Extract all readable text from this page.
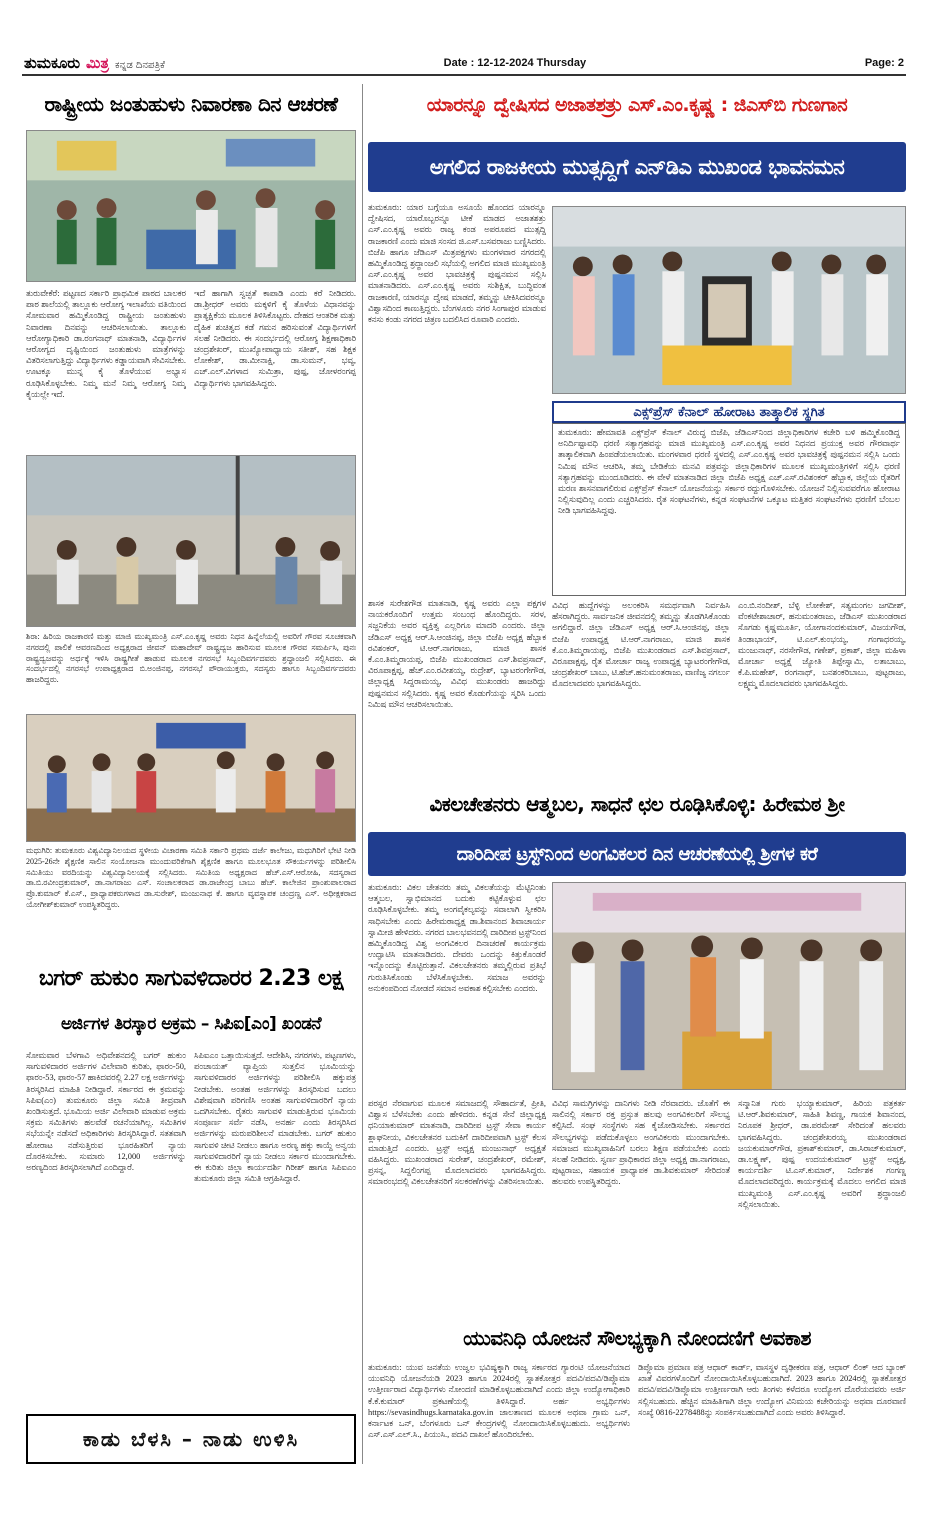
ತುಮಕೂರು ಮಿತ್ರ ಕನ್ನಡ ದಿನಪತ್ರಿಕೆ	Date : 12-12-2024 Thursday	Page: 2
ರಾಷ್ಟ್ರೀಯ ಜಂತುಹುಳು ನಿವಾರಣಾ ದಿನ ಆಚರಣೆ
ತುರುವೇಕೆರೆ: ಪಟ್ಟಣದ ಸರ್ಕಾರಿ ಪ್ರಾಥಮಿಕ ಪಾಠದ ಬಾಲಕರ ಪಾಠ ಶಾಲೆಯಲ್ಲಿ ತಾಲ್ಲೂಕು ಆರೋಗ್ಯ ಇಲಾಖೆಯ ವತಿಯಿಂದ ಸೋಮವಾರ ಹಮ್ಮಿಕೊಂಡಿದ್ದ ರಾಷ್ಟ್ರೀಯ ಜಂತುಹುಳು ನಿವಾರಣಾ ದಿನವನ್ನು ಆಚರಿಸಲಾಯಿತು. ತಾಲ್ಲೂಕು ಆರೋಗ್ಯಾಧಿಕಾರಿ ಡಾ.ರಂಗನಾಥ್ ಮಾತನಾಡಿ, ವಿದ್ಯಾರ್ಥಿಗಳ ಆರೋಗ್ಯದ ದೃಷ್ಟಿಯಿಂದ ಜಂತುಹುಳು ಮಾತ್ರೆಗಳನ್ನು ವಿತರಿಸಲಾಗುತ್ತಿದ್ದು ವಿದ್ಯಾರ್ಥಿಗಳು ಕಡ್ಡಾಯವಾಗಿ ಸೇವಿಸಬೇಕು. ಊಟಕ್ಕೂ ಮುನ್ನ ಕೈ ತೊಳೆಯುವ ಅಭ್ಯಾಸ ರೂಢಿಸಿಕೊಳ್ಳಬೇಕು. ನಿಮ್ಮ ಮನೆ ನಿಮ್ಮ ಆರೋಗ್ಯ ನಿಮ್ಮ ಕೈಯಲ್ಲೇ ಇದೆ.
ಇದೆ ಹಾಗಾಗಿ ಸ್ವಚ್ಛತೆ ಕಾಪಾಡಿ ಎಂದು ಕರೆ ನೀಡಿದರು. ಡಾ.ಶ್ರೀಧರ್ ಅವರು ಮಕ್ಕಳಿಗೆ ಕೈ ತೊಳೆಯ ವಿಧಾನವನ್ನು ಪ್ರಾತ್ಯಕ್ಷಿಕೆಯ ಮೂಲಕ ತಿಳಿಸಿಕೊಟ್ಟರು. ದೇಹದ ಆಂತರಿಕ ಮತ್ತು ದೈಹಿಕ ಶುಚಿತ್ವದ ಕಡೆ ಗಮನ ಹರಿಸುವಂತೆ ವಿದ್ಯಾರ್ಥಿಗಳಿಗೆ ಸಲಹೆ ನೀಡಿದರು. ಈ ಸಂದರ್ಭದಲ್ಲಿ ಆರೋಗ್ಯ ಶಿಕ್ಷಣಾಧಿಕಾರಿ ಚಂದ್ರಶೇಖರ್, ಮುಖ್ಯೋಪಾಧ್ಯಾಯ ಸತೀಶ್, ಸಹ ಶಿಕ್ಷಕ ಲೋಕೇಶ್, ಡಾ.ಮೀನಾಕ್ಷಿ, ಡಾ.ಸುಮನ್, ಭವ್ಯ, ಎಚ್.ಎಲ್.ವಿಗಳಾದ ಸುಮಿತ್ರಾ, ಪುಷ್ಪ, ಜೋಳರಂಗಪ್ಪ ವಿದ್ಯಾರ್ಥಿಗಳು ಭಾಗವಹಿಸಿದ್ದರು.
ಶಿರಾ: ಹಿರಿಯ ರಾಜಕಾರಣಿ ಮತ್ತು ಮಾಜಿ ಮುಖ್ಯಮಂತ್ರಿ ಎಸ್.ಎಂ.ಕೃಷ್ಣ ಅವರು ನಿಧನ ಹಿನ್ನೆಲೆಯಲ್ಲಿ ಅವರಿಗೆ ಗೌರವ ಸೂಚಕವಾಗಿ ನಗರದಲ್ಲಿ ಪಾಲಿಕೆ ಆವರಣದಿಂದ ಅಧ್ಯಕ್ಷರಾದ ಜೀವನ್ ಮಹಾದೇವ್ ರಾಷ್ಟ್ರದ್ವಜ ಹಾರಿಸುವ ಮೂಲಕ ಗೌರವ ಸಮರ್ಪಿಸಿ, ಪುನಃ ರಾಷ್ಟ್ರದ್ವಜವನ್ನು ಅರ್ಧಕ್ಕೆ ಇಳಿಸಿ ರಾಷ್ಟ್ರಗೀತೆ ಹಾಡುವ ಮೂಲಕ ನಗರಸಭೆ ಸಿಬ್ಬಂದಿವರ್ಗದವರು ಶ್ರದ್ಧಾಂಜಲಿ ಸಲ್ಲಿಸಿದರು. ಈ ಸಂದರ್ಭದಲ್ಲಿ ನಗರಸಭೆ ಉಪಾಧ್ಯಕ್ಷರಾದ ಬಿ.ಅಂಜಿನಪ್ಪ, ನಗರಸಭೆ ಪೌರಾಯುಕ್ತರು, ಸದಸ್ಯರು ಹಾಗೂ ಸಿಬ್ಬಂದಿವರ್ಗದವರು ಹಾಜರಿದ್ದರು.
ಮಧುಗಿರಿ: ತುಮಕೂರು ವಿಶ್ವವಿದ್ಯಾನಿಲಯದ ಸ್ಥಳೀಯ ವಿಚಾರಣಾ ಸಮಿತಿ ಸರ್ಕಾರಿ ಪ್ರಥಮ ದರ್ಜೆ ಕಾಲೇಜು, ಮಧುಗಿರಿಗೆ ಭೇಟಿ ನೀಡಿ 2025-26ನೇ ಶೈಕ್ಷಣಿಕ ಸಾಲಿನ ಸಂಯೋಜನಾ ಮುಂದುವರಿಕೆಗಾಗಿ ಶೈಕ್ಷಣಿಕ ಹಾಗೂ ಮೂಲಭೂತ ಸೌಕರ್ಯಗಳನ್ನು ಪರಿಶೀಲಿಸಿ ಸಮಿತಿಯು ವರದಿಯನ್ನು ವಿಶ್ವವಿದ್ಯಾನಿಲಯಕ್ಕೆ ಸಲ್ಲಿಸಿದರು. ಸಮಿತಿಯ ಅಧ್ಯಕ್ಷರಾದ ಹೆಚ್.ಎಸ್.ಆರೋಹಿ, ಸದಸ್ಯರಾದ ಡಾ.ಬಿ.ರವೀಂದ್ರಕುಮಾರ್, ಡಾ.ನಾಗರಾಜು ಎಸ್. ಸಂಚಾಲಕರಾದ ಡಾ.ರಾಜೇಂದ್ರ ಬಾಬು ಹೆಚ್. ಕಾಲೇಜಿನ ಪ್ರಾಂಶುಪಾಲರಾದ ಪ್ರೊ.ಕುಮಾರ್ ಕೆ.ಎಸ್., ಪ್ರಾಧ್ಯಾಪಕರುಗಳಾದ ಡಾ.ಸುರೇಶ್, ಮಂಜುನಾಥ ಕೆ. ಹಾಗೂ ವ್ಯವಸ್ಥಾಪಕ ಚಂದ್ರಣ್ಣ ಎಸ್. ಅಧೀಕ್ಷಕರಾದ ಯೋಗೀಶ್‌ಕುಮಾರ್ ಉಪಸ್ಥಿತರಿದ್ದರು.
ಬಗರ್ ಹುಕುಂ ಸಾಗುವಳಿದಾರರ 2.23 ಲಕ್ಷ
ಅರ್ಜಿಗಳ ತಿರಸ್ಕಾರ ಅಕ್ರಮ – ಸಿಪಿಐ[ಎಂ] ಖಂಡನೆ
ಸೋಮವಾರ ಬೆಳಗಾವಿ ಅಧಿವೇಶನದಲ್ಲಿ ಬಗರ್ ಹುಕುಂ ಸಾಗುವಳಿದಾರರ ಅರ್ಜಿಗಳ ವಿಲೇವಾರಿ ಕುರಿತು, ಫಾರಂ-50, ಫಾರಂ-53, ಫಾರಂ-57 ಹಾಕಿದವರಲ್ಲಿ 2.27 ಲಕ್ಷ ಅರ್ಜಿಗಳನ್ನು ತಿರಸ್ಕರಿಸಿದ ಮಾಹಿತಿ ನೀಡಿದ್ದಾರೆ. ಸರ್ಕಾರದ ಈ ಕ್ರಮವನ್ನು ಸಿಪಿಐ(ಎಂ) ತುಮಕೂರು ಜಿಲ್ಲಾ ಸಮಿತಿ ತೀವ್ರವಾಗಿ ಖಂಡಿಸುತ್ತದೆ. ಭೂಮಿಯ ಅರ್ಜಿ ವಿಲೇವಾರಿ ಮಾಡುವ ಅಕ್ರಮ ಸಕ್ರಮ ಸಮಿತಿಗಳು ಹಲವೆಡೆ ರಚನೆಯಾಗಿಲ್ಲ. ಸಮಿತಿಗಳ ಸಭೆಯನ್ನೇ ನಡೆಸದೆ ಅಧಿಕಾರಿಗಳು ತಿರಸ್ಕರಿಸಿದ್ದಾರೆ. ಸತತವಾಗಿ ಹೋರಾಟ ನಡೆಸುತ್ತಿರುವ ಭೂರಹಿತರಿಗೆ ನ್ಯಾಯ ದೊರಕಿಸಬೇಕು. ಸುಮಾರು 12,000 ಅರ್ಜಿಗಳನ್ನು ಅರಣ್ಯದಿಂದ ತಿರಸ್ಕರಿಸಲಾಗಿದೆ ಎಂದಿದ್ದಾರೆ.
ಸಿಪಿಐಎಂ ಒತ್ತಾಯಿಸುತ್ತದೆ. ಆದೇಶಿಸಿ, ನಗರಗಳು, ಪಟ್ಟಣಗಳು, ಪಂಚಾಯತ್ ವ್ಯಾಪ್ತಿಯ ಸುತ್ತಲಿನ ಭೂಮಿಯನ್ನು ಸಾಗುವಳಿದಾರರ ಅರ್ಜಿಗಳನ್ನು ಪರಿಶೀಲಿಸಿ ಹಕ್ಕುಪತ್ರ ನೀಡಬೇಕು. ಅಂತಹ ಅರ್ಜಿಗಳನ್ನು ತಿರಸ್ಕರಿಸುವ ಬದಲು ವಿಶೇಷವಾಗಿ ಪರಿಗಣಿಸಿ ಅಂತಹ ಸಾಗುವಳಿದಾರರಿಗೆ ನ್ಯಾಯ ಒದಗಿಸಬೇಕು. ರೈತರು ಸಾಗುವಳಿ ಮಾಡುತ್ತಿರುವ ಭೂಮಿಯ ಸಂಪೂರ್ಣ ಸರ್ವೆ ನಡೆಸಿ, ಅನರ್ಹ ಎಂದು ತಿರಸ್ಕರಿಸಿದ ಅರ್ಜಿಗಳನ್ನು ಮರುಪರಿಶೀಲನೆ ಮಾಡಬೇಕು. ಬಗರ್ ಹುಕುಂ ಸಾಗುವಳಿ ಚೀಟಿ ನೀಡಲು ಹಾಗೂ ಅರಣ್ಯ ಹಕ್ಕು ಕಾಯ್ದೆ ಅನ್ವಯ ಸಾಗುವಳಿದಾರರಿಗೆ ನ್ಯಾಯ ನೀಡಲು ಸರ್ಕಾರ ಮುಂದಾಗಬೇಕು. ಈ ಕುರಿತು ಜಿಲ್ಲಾ ಕಾರ್ಯದರ್ಶಿ ಗಿರೀಶ್ ಹಾಗೂ ಸಿಪಿಐಎಂ ತುಮಕೂರು ಜಿಲ್ಲಾ ಸಮಿತಿ ಆಗ್ರಹಿಸಿದ್ದಾರೆ.
ಕಾಡು ಬೆಳಸಿ – ನಾಡು ಉಳಿಸಿ
ಯಾರನ್ನೂ ದ್ವೇಷಿಸದ ಅಜಾತಶತ್ರು ಎಸ್.ಎಂ.ಕೃಷ್ಣ : ಜಿಎಸ್‌ಬಿ ಗುಣಗಾನ
ಅಗಲಿದ ರಾಜಕೀಯ ಮುತ್ಸದ್ದಿಗೆ ಎನ್‌ಡಿಎ ಮುಖಂಡ ಭಾವನಮನ
ತುಮಕೂರು: ಯಾರ ಬಗ್ಗೆಯೂ ಅಸೂಯೆ ಹೊಂದದ ಯಾರನ್ನೂ ದ್ವೇಷಿಸದ, ಯಾರೊಬ್ಬರನ್ನೂ ಟೀಕೆ ಮಾಡದ ಅಜಾತಶತ್ರು ಎಸ್.ಎಂ.ಕೃಷ್ಣ ಅವರು ರಾಜ್ಯ ಕಂಡ ಅಪರೂಪದ ಮುತ್ಸದ್ದಿ ರಾಜಕಾರಣಿ ಎಂದು ಮಾಜಿ ಸಂಸದ ಜಿ.ಎಸ್.ಬಸವರಾಜು ಬಣ್ಣಿಸಿದರು. ಬಿಜೆಪಿ ಹಾಗೂ ಜೆಡಿಎಸ್ ಮಿತ್ರಪಕ್ಷಗಳು ಮಂಗಳವಾರ ನಗರದಲ್ಲಿ ಹಮ್ಮಿಕೊಂಡಿದ್ದ ಶ್ರದ್ಧಾಂಜಲಿ ಸಭೆಯಲ್ಲಿ ಅಗಲಿದ ಮಾಜಿ ಮುಖ್ಯಮಂತ್ರಿ ಎಸ್.ಎಂ.ಕೃಷ್ಣ ಅವರ ಭಾವಚಿತ್ರಕ್ಕೆ ಪುಷ್ಪನಮನ ಸಲ್ಲಿಸಿ ಮಾತನಾಡಿದರು. ಎಸ್.ಎಂ.ಕೃಷ್ಣ ಅವರು ಸುಶಿಕ್ಷಿತ, ಬುದ್ಧಿವಂತ ರಾಜಕಾರಣಿ, ಯಾರನ್ನೂ ದ್ವೇಷ ಮಾಡದೆ, ತಮ್ಮನ್ನು ಟೀಕಿಸಿದವರನ್ನೂ ವಿಶ್ವಾಸದಿಂದ ಕಾಣುತ್ತಿದ್ದರು. ಬೆಂಗಳೂರು ನಗರ ಸಿಂಗಾಪುರ ಮಾಡುವ ಕನಸು ಕಂಡು ನಗರದ ಚಿತ್ರಣ ಬದಲಿಸಿದ ರೂವಾರಿ ಎಂದರು.
ಎಕ್ಸ್‌ಪ್ರೆಸ್ ಕೆನಾಲ್ ಹೋರಾಟ ತಾತ್ಕಾಲಿಕ ಸ್ಥಗಿತ
ತುಮಕೂರು: ಹೇಮಾವತಿ ಎಕ್ಸ್‌ಪ್ರೆಸ್ ಕೆನಾಲ್ ವಿರುದ್ಧ ಬಿಜೆಪಿ, ಜೆಡಿಎಸ್‌ನಿಂದ ಜಿಲ್ಲಾಧಿಕಾರಿಗಳ ಕಚೇರಿ ಬಳಿ ಹಮ್ಮಿಕೊಂಡಿದ್ದ ಅನಿರ್ದಿಷ್ಟಾವಧಿ ಧರಣಿ ಸತ್ಯಾಗ್ರಹವನ್ನು ಮಾಜಿ ಮುಖ್ಯಮಂತ್ರಿ ಎಸ್.ಎಂ.ಕೃಷ್ಣ ಅವರ ನಿಧನದ ಪ್ರಯುಕ್ತ ಅವರ ಗೌರವಾರ್ಥ ತಾತ್ಕಾಲಿಕವಾಗಿ ಹಿಂಪಡೆಯಲಾಯಿತು. ಮಂಗಳವಾರ ಧರಣಿ ಸ್ಥಳದಲ್ಲಿ ಎಸ್.ಎಂ.ಕೃಷ್ಣ ಅವರ ಭಾವಚಿತ್ರಕ್ಕೆ ಪುಷ್ಪನಮನ ಸಲ್ಲಿಸಿ ಒಂದು ನಿಮಿಷ ಮೌನ ಆಚರಿಸಿ, ತಮ್ಮ ಬೇಡಿಕೆಯ ಮನವಿ ಪತ್ರವನ್ನು ಜಿಲ್ಲಾಧಿಕಾರಿಗಳ ಮೂಲಕ ಮುಖ್ಯಮಂತ್ರಿಗಳಿಗೆ ಸಲ್ಲಿಸಿ ಧರಣಿ ಸತ್ಯಾಗ್ರಹವನ್ನು ಮುಂದೂಡಿದರು. ಈ ವೇಳೆ ಮಾತನಾಡಿದ ಜಿಲ್ಲಾ ಬಿಜೆಪಿ ಅಧ್ಯಕ್ಷ ಎಚ್.ಎಸ್.ರವಿಶಂಕರ್ ಹೆಬ್ಬಾಕ, ಜಿಲ್ಲೆಯ ರೈತರಿಗೆ ಮರಣ ಶಾಸನವಾಗಲಿರುವ ಎಕ್ಸ್‌ಪ್ರೆಸ್ ಕೆನಾಲ್ ಯೋಜನೆಯನ್ನು ಸರ್ಕಾರ ರದ್ದುಗೊಳಿಸಬೇಕು. ಯೋಜನೆ ನಿಲ್ಲಿಸುವವರೆಗೂ ಹೋರಾಟ ನಿಲ್ಲಿಸುವುದಿಲ್ಲ ಎಂದು ಎಚ್ಚರಿಸಿದರು. ರೈತ ಸಂಘಟನೆಗಳು, ಕನ್ನಡ ಸಂಘಟನೆಗಳ ಒಕ್ಕೂಟ ಮತ್ತಿತರ ಸಂಘಟನೆಗಳು ಧರಣಿಗೆ ಬೆಂಬಲ ನೀಡಿ ಭಾಗವಹಿಸಿದ್ದವು.
ವಿವಿಧ ಹುದ್ದೆಗಳನ್ನು ಅಲಂಕರಿಸಿ ಸಮರ್ಥವಾಗಿ ನಿರ್ವಹಿಸಿ ಹೆಸರಾಗಿದ್ದರು. ಸಾರ್ವಜನಿಕ ಜೀವನದಲ್ಲಿ ತಮ್ಮನ್ನು ತೊಡಗಿಸಿಕೊಂಡು ಅಗಲಿದ್ದಾರೆ. ಜಿಲ್ಲಾ ಜೆಡಿಎಸ್ ಅಧ್ಯಕ್ಷ ಆರ್.ಸಿ.ಆಂಜಿನಪ್ಪ, ಜಿಲ್ಲಾ ಬಿಜೆಪಿ ಉಪಾಧ್ಯಕ್ಷ ಟಿ.ಆರ್.ನಾಗರಾಜು, ಮಾಜಿ ಶಾಸಕ ಕೆ.ಎಂ.ತಿಮ್ಮರಾಯಪ್ಪ, ಬಿಜೆಪಿ ಮುಖಂಡರಾದ ಎಸ್.ಶಿವಪ್ರಸಾದ್, ವಿರೂಪಾಕ್ಷಪ್ಪ, ರೈತ ಮೋರ್ಚಾ ರಾಜ್ಯ ಉಪಾಧ್ಯಕ್ಷ ಬ್ಯಾಟರಂಗೇಗೌಡ, ಚಂದ್ರಶೇಖರ್ ಬಾಬು, ಟಿ.ಹೆಚ್.ಹನುಮಂತರಾಜು, ವಾಣಿಜ್ಯ ನಗರ್ಲು ಮೊದಲಾದವರು ಭಾಗವಹಿಸಿದ್ದರು.
ಎಂ.ಬಿ.ನಂದೀಶ್, ಬೆಳ್ಳಿ ಲೋಕೇಶ್, ಸತ್ಯಮಂಗಲ ಜಗದೀಶ್, ವೆಂಕಟೇಶಾಚಾರ್, ಹನುಮಂತರಾಜು, ಜೆಡಿಎಸ್ ಮುಖಂಡರಾದ ಸೊಗಡು ಕೃಷ್ಣಮೂರ್ತಿ, ಯೋಗಾನಂದಕುಮಾರ್, ವಿಜಯಗೌಡ, ತಿಂಡಾಭಾಯ್, ಟಿ.ಎಲ್.ಕುಂಭಯ್ಯ, ಗಂಗಾಧರಯ್ಯ, ಮಂಜುನಾಥ್, ನರಸೇಗೌಡ, ಗಣೇಶ್, ಪ್ರಕಾಶ್, ಜಿಲ್ಲಾ ಮಹಿಳಾ ಮೋರ್ಚಾ ಅಧ್ಯಕ್ಷೆ ಜ್ಯೋತಿ ತಿಪ್ಪೇಸ್ವಾಮಿ, ಲತಾಬಾಬು, ಕೆ.ಪಿ.ಮಹೇಶ್, ರಂಗನಾಥ್, ಬನಶಂಕರಿಬಾಬು, ಪುಟ್ಟರಾಜು, ಲಕ್ಷ್ಮಮ್ಮ ಮೊದಲಾದವರು ಭಾಗವಹಿಸಿದ್ದರು.
ಶಾಸಕ ಸುರೇಶಗೌಡ ಮಾತನಾಡಿ, ಕೃಷ್ಣ ಅವರು ಎಲ್ಲಾ ಪಕ್ಷಗಳ ನಾಯಕರೊಂದಿಗೆ ಉತ್ತಮ ಸಂಬಂಧ ಹೊಂದಿದ್ದರು. ಸರಳ, ಸಜ್ಜನಿಕೆಯ ಅವರ ವ್ಯಕ್ತಿತ್ವ ಎಲ್ಲರಿಗೂ ಮಾದರಿ ಎಂದರು. ಜಿಲ್ಲಾ ಜೆಡಿಎಸ್ ಅಧ್ಯಕ್ಷ ಆರ್.ಸಿ.ಆಂಜಿನಪ್ಪ, ಜಿಲ್ಲಾ ಬಿಜೆಪಿ ಅಧ್ಯಕ್ಷ ಹೆಬ್ಬಾಕ ರವಿಶಂಕರ್, ಟಿ.ಆರ್.ನಾಗರಾಜು, ಮಾಜಿ ಶಾಸಕ ಕೆ.ಎಂ.ತಿಮ್ಮರಾಯಪ್ಪ, ಬಿಜೆಪಿ ಮುಖಂಡರಾದ ಎಸ್.ಶಿವಪ್ರಸಾದ್, ವಿರೂಪಾಕ್ಷಪ್ಪ, ಹೆಚ್.ಎಂ.ರವೀಶಯ್ಯ, ರುದ್ರೇಶ್, ಬ್ಯಾಟರಂಗೇಗೌಡ, ಜಿಲ್ಲಾಧ್ಯಕ್ಷ ಸಿದ್ದರಾಮಯ್ಯ, ವಿವಿಧ ಮುಖಂಡರು ಹಾಜರಿದ್ದು ಪುಷ್ಪನಮನ ಸಲ್ಲಿಸಿದರು. ಕೃಷ್ಣ ಅವರ ಕೊಡುಗೆಯನ್ನು ಸ್ಮರಿಸಿ ಒಂದು ನಿಮಿಷ ಮೌನ ಆಚರಿಸಲಾಯಿತು.
ವಿಕಲಚೇತನರು ಆತ್ಮಬಲ, ಸಾಧನೆ ಛಲ ರೂಢಿಸಿಕೊಳ್ಳಿ: ಹಿರೇಮಠ ಶ್ರೀ
ದಾರಿದೀಪ ಟ್ರಸ್ಟ್‌ನಿಂದ ಅಂಗವಿಕಲರ ದಿನ ಆಚರಣೆಯಲ್ಲಿ ಶ್ರೀಗಳ ಕರೆ
ತುಮಕೂರು: ವಿಕಲ ಚೇತನರು ತಮ್ಮ ವಿಕಲತೆಯನ್ನು ಮೆಟ್ಟಿನಿಂತು ಆತ್ಮಬಲ, ಸ್ವಾಭಿಮಾನದ ಬದುಕು ಕಟ್ಟಿಕೊಳ್ಳುವ ಛಲ ರೂಢಿಸಿಕೊಳ್ಳಬೇಕು. ತಮ್ಮ ಅಂಗವೈಕಲ್ಯವನ್ನು ಸವಾಲಾಗಿ ಸ್ವೀಕರಿಸಿ ಸಾಧಿಸಬೇಕು ಎಂದು ಹಿರೇಮಠಾಧ್ಯಕ್ಷ ಡಾ.ಶಿವಾನಂದ ಶಿವಾಚಾರ್ಯ ಸ್ವಾಮೀಜಿ ಹೇಳಿದರು. ನಗರದ ಬಾಲಭವನದಲ್ಲಿ ದಾರಿದೀಪ ಟ್ರಸ್ಟ್‌ನಿಂದ ಹಮ್ಮಿಕೊಂಡಿದ್ದ ವಿಶ್ವ ಅಂಗವಿಕಲರ ದಿನಾಚರಣೆ ಕಾರ್ಯಕ್ರಮ ಉದ್ಘಾಟಿಸಿ ಮಾತನಾಡಿದರು. ದೇವರು ಒಂದನ್ನು ಕಿತ್ತುಕೊಂಡರೆ ಇನ್ನೊಂದನ್ನು ಕೊಟ್ಟಿರುತ್ತಾನೆ. ವಿಕಲಚೇತನರು ತಮ್ಮಲ್ಲಿರುವ ಪ್ರತಿಭೆ ಗುರುತಿಸಿಕೊಂಡು ಬೆಳೆಸಿಕೊಳ್ಳಬೇಕು. ಸಮಾಜ ಅವರನ್ನು ಅನುಕಂಪದಿಂದ ನೋಡದೆ ಸಮಾನ ಅವಕಾಶ ಕಲ್ಪಿಸಬೇಕು ಎಂದರು.
ಪರಸ್ಪರ ನೆರವಾಗುವ ಮೂಲಕ ಸಮಾಜದಲ್ಲಿ ಸೌಹಾರ್ದತೆ, ಪ್ರೀತಿ, ವಿಶ್ವಾಸ ಬೆಳೆಸಬೇಕು ಎಂದು ಹೇಳಿದರು. ಕನ್ನಡ ಸೇನೆ ಜಿಲ್ಲಾಧ್ಯಕ್ಷ ಧನಿಯಾಕುಮಾರ್ ಮಾತನಾಡಿ, ದಾರಿದೀಪ ಟ್ರಸ್ಟ್ ಸೇವಾ ಕಾರ್ಯ ಶ್ಲಾಘನೀಯ, ವಿಕಲಚೇತನರ ಬದುಕಿಗೆ ದಾರಿದೀಪವಾಗಿ ಟ್ರಸ್ಟ್ ಕೆಲಸ ಮಾಡುತ್ತಿದೆ ಎಂದರು. ಟ್ರಸ್ಟ್ ಅಧ್ಯಕ್ಷ ಮಂಜುನಾಥ್ ಅಧ್ಯಕ್ಷತೆ ವಹಿಸಿದ್ದರು. ಮುಖಂಡರಾದ ಸುರೇಶ್, ಚಂದ್ರಶೇಖರ್, ರಮೇಶ್, ಪ್ರಸನ್ನ, ಸಿದ್ದಲಿಂಗಪ್ಪ ಮೊದಲಾದವರು ಭಾಗವಹಿಸಿದ್ದರು. ಸಮಾರಂಭದಲ್ಲಿ ವಿಕಲಚೇತನರಿಗೆ ಸಲಕರಣೆಗಳನ್ನು ವಿತರಿಸಲಾಯಿತು.
ವಿವಿಧ ಸಾಮಗ್ರಿಗಳನ್ನು ದಾನಿಗಳು ನೀಡಿ ನೆರವಾದರು. ಜೊತೆಗೆ ಈ ಸಾಲಿನಲ್ಲಿ ಸರ್ಕಾರ ರಕ್ತ ಪ್ರಸ್ತುತ ಹಲವು ಅಂಗವಿಕಲರಿಗೆ ಸೌಲಭ್ಯ ಕಲ್ಪಿಸಿದೆ. ಸಂಘ ಸಂಸ್ಥೆಗಳು ಸಹ ಕೈಜೋಡಿಸಬೇಕು. ಸರ್ಕಾರದ ಸೌಲಭ್ಯಗಳನ್ನು ಪಡೆದುಕೊಳ್ಳಲು ಅಂಗವಿಕಲರು ಮುಂದಾಗಬೇಕು. ಸಮಾಜದ ಮುಖ್ಯವಾಹಿನಿಗೆ ಬರಲು ಶಿಕ್ಷಣ ಪಡೆಯಬೇಕು ಎಂದು ಸಲಹೆ ನೀಡಿದರು. ಸ್ವರ್ಣ ಪ್ರಾಧಿಕಾರದ ಜಿಲ್ಲಾ ಅಧ್ಯಕ್ಷ ಡಾ.ನಾಗರಾಜು, ಪುಟ್ಟರಾಜು, ಸಹಾಯಕ ಪ್ರಾಧ್ಯಾಪಕ ಡಾ.ಶಿವಕುಮಾರ್ ಸೇರಿದಂತೆ ಹಲವರು ಉಪಸ್ಥಿತರಿದ್ದರು.
ಸನ್ಮಾನಿತ ಗುರು ಭಯ್ಯಾಕುಮಾರ್, ಹಿರಿಯ ಪತ್ರಕರ್ತ ಟಿ.ಆರ್.ಶಿವಕುಮಾರ್, ಸಾಹಿತಿ ಶಿವಣ್ಣ, ಗಾಯಕ ಶಿವಾನಂದ, ನಿರೂಪಕ ಶ್ರೀಧರ್, ಡಾ.ಪರಮೇಶ್ ಸೇರಿದಂತೆ ಹಲವರು ಭಾಗವಹಿಸಿದ್ದರು. ಚಂದ್ರಶೇಖರಯ್ಯ ಮುಖಂಡರಾದ ಜಯಕುಮಾರ್‌ಗೌಡ, ಪ್ರಕಾಶ್‌ಕುಮಾರ್, ಡಾ.ಸಿರಾಜ್‌ಕುಮಾರ್, ಡಾ.ಲಕ್ಷ್ಮಣ್, ಪುಷ್ಪ ಉದಯಕುಮಾರ್ ಟ್ರಸ್ಟ್ ಅಧ್ಯಕ್ಷ, ಕಾರ್ಯದರ್ಶಿ ಟಿ.ಎಸ್.ಕುಮಾರ್, ನಿರ್ದೇಶಕ ಗಂಗಣ್ಣ ಮೊದಲಾದವರಿದ್ದರು. ಕಾರ್ಯಕ್ರಮಕ್ಕೆ ಮೊದಲು ಅಗಲಿದ ಮಾಜಿ ಮುಖ್ಯಮಂತ್ರಿ ಎಸ್.ಎಂ.ಕೃಷ್ಣ ಅವರಿಗೆ ಶ್ರದ್ಧಾಂಜಲಿ ಸಲ್ಲಿಸಲಾಯಿತು.
ಯುವನಿಧಿ ಯೋಜನೆ ಸೌಲಭ್ಯಕ್ಕಾಗಿ ನೋಂದಣಿಗೆ ಅವಕಾಶ
ತುಮಕೂರು: ಯುವ ಜನತೆಯ ಉಜ್ವಲ ಭವಿಷ್ಯಕ್ಕಾಗಿ ರಾಜ್ಯ ಸರ್ಕಾರದ ಗ್ಯಾರಂಟಿ ಯೋಜನೆಯಾದ ಯುವನಿಧಿ ಯೋಜನೆಯಡಿ 2023 ಹಾಗೂ 2024ರಲ್ಲಿ ಸ್ನಾತಕೋತ್ತರ ಪದವಿ/ಪದವಿ/ಡಿಪ್ಲೊಮಾ ಉತ್ತೀರ್ಣರಾದ ವಿದ್ಯಾರ್ಥಿಗಳು ನೋಂದಣಿ ಮಾಡಿಕೊಳ್ಳಬಹುದಾಗಿದೆ ಎಂದು ಜಿಲ್ಲಾ ಉದ್ಯೋಗಾಧಿಕಾರಿ ಕೆ.ಕೆ.ಕುಮಾರ್ ಪ್ರಕಟಣೆಯಲ್ಲಿ ತಿಳಿಸಿದ್ದಾರೆ. ಅರ್ಹ ಅಭ್ಯರ್ಥಿಗಳು https://sevasindhugs.karnataka.gov.in ಜಾಲತಾಣದ ಮೂಲಕ ಅಥವಾ ಗ್ರಾಮ ಒನ್, ಕರ್ನಾಟಕ ಒನ್, ಬೆಂಗಳೂರು ಒನ್ ಕೇಂದ್ರಗಳಲ್ಲಿ ನೋಂದಾಯಿಸಿಕೊಳ್ಳಬಹುದು. ಅಭ್ಯರ್ಥಿಗಳು ಎಸ್.ಎಸ್.ಎಲ್.ಸಿ., ಪಿಯುಸಿ., ಪದವಿ ದಾಖಲೆ ಹೊಂದಿರಬೇಕು.
ಡಿಪ್ಲೊಮಾ ಪ್ರಮಾಣ ಪತ್ರ ಆಧಾರ್ ಕಾರ್ಡ್, ವಾಸಸ್ಥಳ ದೃಢೀಕರಣ ಪತ್ರ, ಆಧಾರ್ ಲಿಂಕ್ ಆದ ಬ್ಯಾಂಕ್ ಖಾತೆ ವಿವರಗಳೊಂದಿಗೆ ನೋಂದಾಯಿಸಿಕೊಳ್ಳಬಹುದಾಗಿದೆ. 2023 ಹಾಗೂ 2024ರಲ್ಲಿ ಸ್ನಾತಕೋತ್ತರ ಪದವಿ/ಪದವಿ/ಡಿಪ್ಲೊಮಾ ಉತ್ತೀರ್ಣರಾಗಿ ಆರು ತಿಂಗಳು ಕಳೆದರೂ ಉದ್ಯೋಗ ದೊರೆಯದವರು ಅರ್ಜಿ ಸಲ್ಲಿಸಬಹುದು. ಹೆಚ್ಚಿನ ಮಾಹಿತಿಗಾಗಿ ಜಿಲ್ಲಾ ಉದ್ಯೋಗ ವಿನಿಮಯ ಕಚೇರಿಯನ್ನು ಅಥವಾ ದೂರವಾಣಿ ಸಂಖ್ಯೆ 0816-2278488ನ್ನು ಸಂಪರ್ಕಿಸಬಹುದಾಗಿದೆ ಎಂದು ಅವರು ತಿಳಿಸಿದ್ದಾರೆ.
